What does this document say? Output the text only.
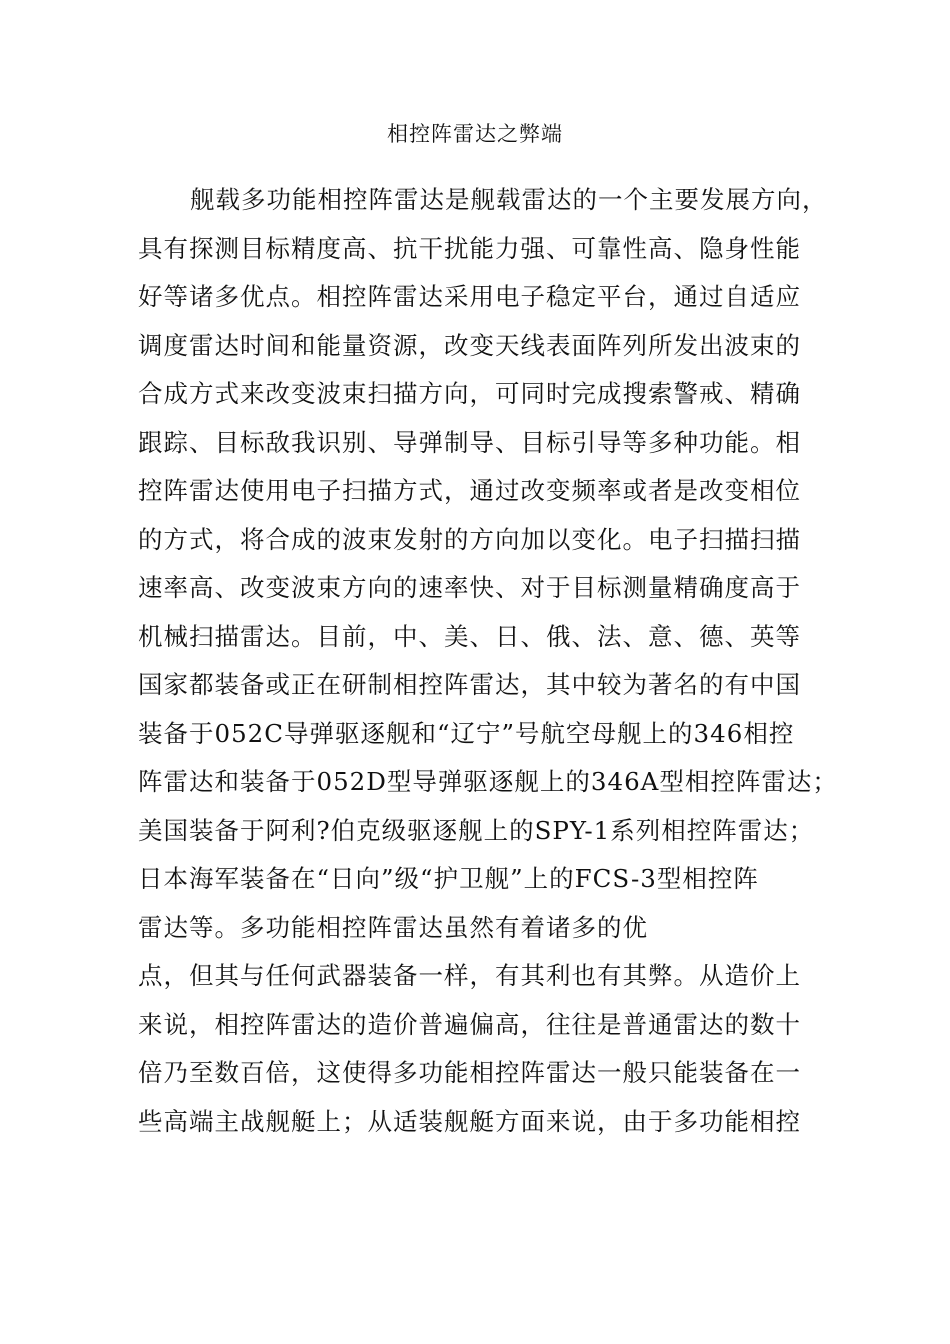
相控阵雷达之弊端
舰载多功能相控阵雷达是舰载雷达的一个主要发展方向，
具有探测目标精度高、抗干扰能力强、可靠性高、隐身性能
好等诸多优点。相控阵雷达采用电子稳定平台，通过自适应
调度雷达时间和能量资源，改变天线表面阵列所发出波束的
合成方式来改变波束扫描方向，可同时完成搜索警戒、精确
跟踪、目标敌我识别、导弹制导、目标引导等多种功能。相
控阵雷达使用电子扫描方式，通过改变频率或者是改变相位
的方式，将合成的波束发射的方向加以变化。电子扫描扫描
速率高、改变波束方向的速率快、对于目标测量精确度高于
机械扫描雷达。目前，中、美、日、俄、法、意、德、英等
国家都装备或正在研制相控阵雷达，其中较为著名的有中国
装备于052C导弹驱逐舰和“辽宁”号航空母舰上的346相控
阵雷达和装备于052D型导弹驱逐舰上的346A型相控阵雷达；
美国装备于阿利?伯克级驱逐舰上的SPY-1系列相控阵雷达；
日本海军装备在“日向”级“护卫舰”上的FCS-3型相控阵
雷达等。多功能相控阵雷达虽然有着诸多的优
点，但其与任何武器装备一样，有其利也有其弊。从造价上
来说，相控阵雷达的造价普遍偏高，往往是普通雷达的数十
倍乃至数百倍，这使得多功能相控阵雷达一般只能装备在一
些高端主战舰艇上；从适装舰艇方面来说，由于多功能相控
